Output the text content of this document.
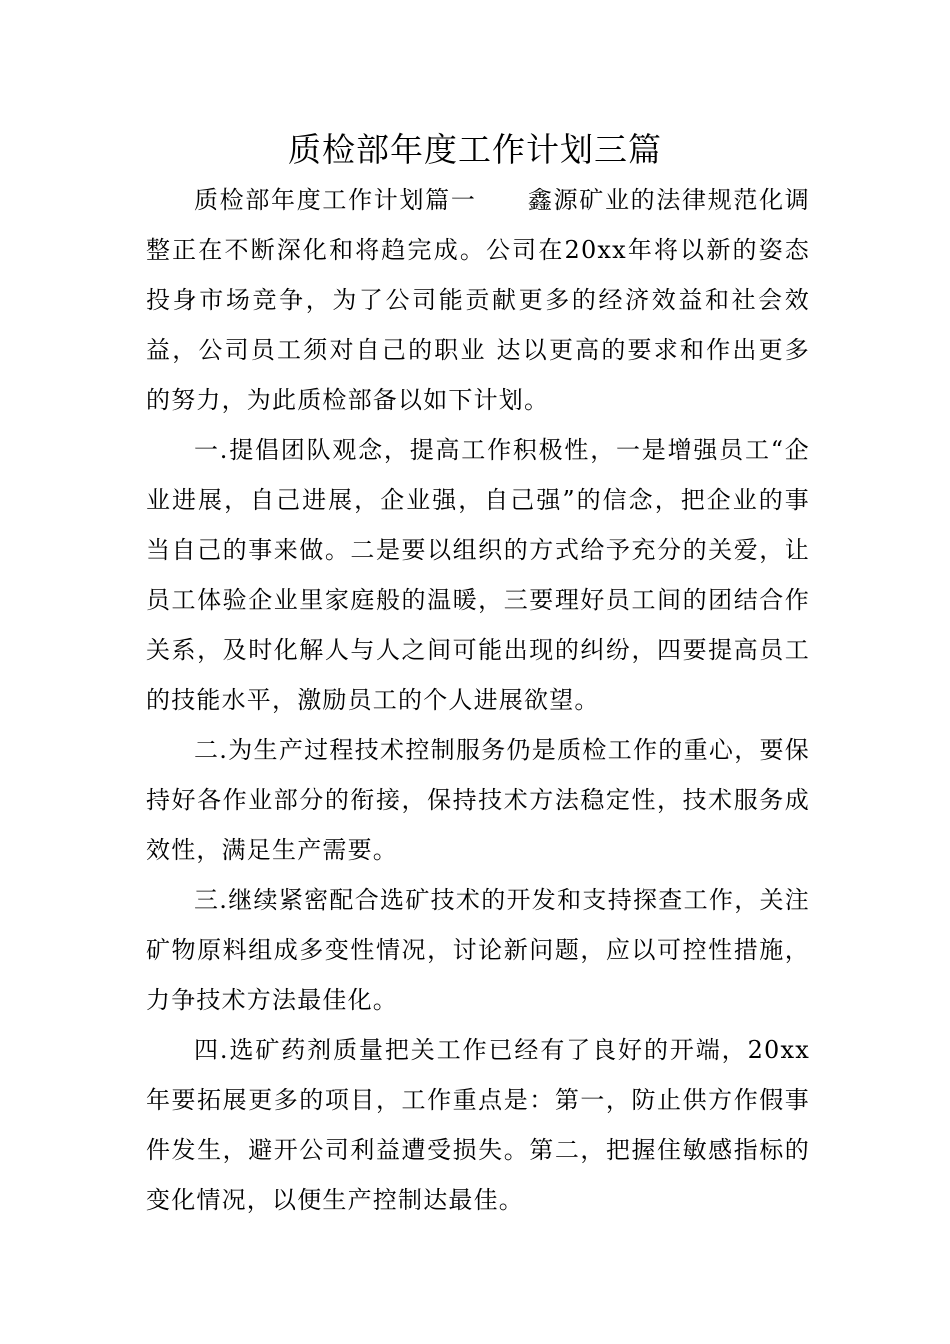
质检部年度工作计划三篇

质检部年度工作计划篇一　　鑫源矿业的法律规范化调整正在不断深化和将趋完成。公司在20xx年将以新的姿态投身市场竞争，为了公司能贡献更多的经济效益和社会效益，公司员工须对自己的职业 达以更高的要求和作出更多的努力，为此质检部备以如下计划。

一.提倡团队观念，提高工作积极性，一是增强员工“企业进展，自己进展，企业强，自己强”的信念，把企业的事当自己的事来做。二是要以组织的方式给予充分的关爱，让员工体验企业里家庭般的温暖，三要理好员工间的团结合作关系，及时化解人与人之间可能出现的纠纷，四要提高员工的技能水平，激励员工的个人进展欲望。

二.为生产过程技术控制服务仍是质检工作的重心，要保持好各作业部分的衔接，保持技术方法稳定性，技术服务成效性，满足生产需要。

三.继续紧密配合选矿技术的开发和支持探查工作，关注矿物原料组成多变性情况，讨论新问题，应以可控性措施，力争技术方法最佳化。

四.选矿药剂质量把关工作已经有了良好的开端，20xx年要拓展更多的项目，工作重点是：第一，防止供方作假事件发生，避开公司利益遭受损失。第二，把握住敏感指标的变化情况，以便生产控制达最佳。
